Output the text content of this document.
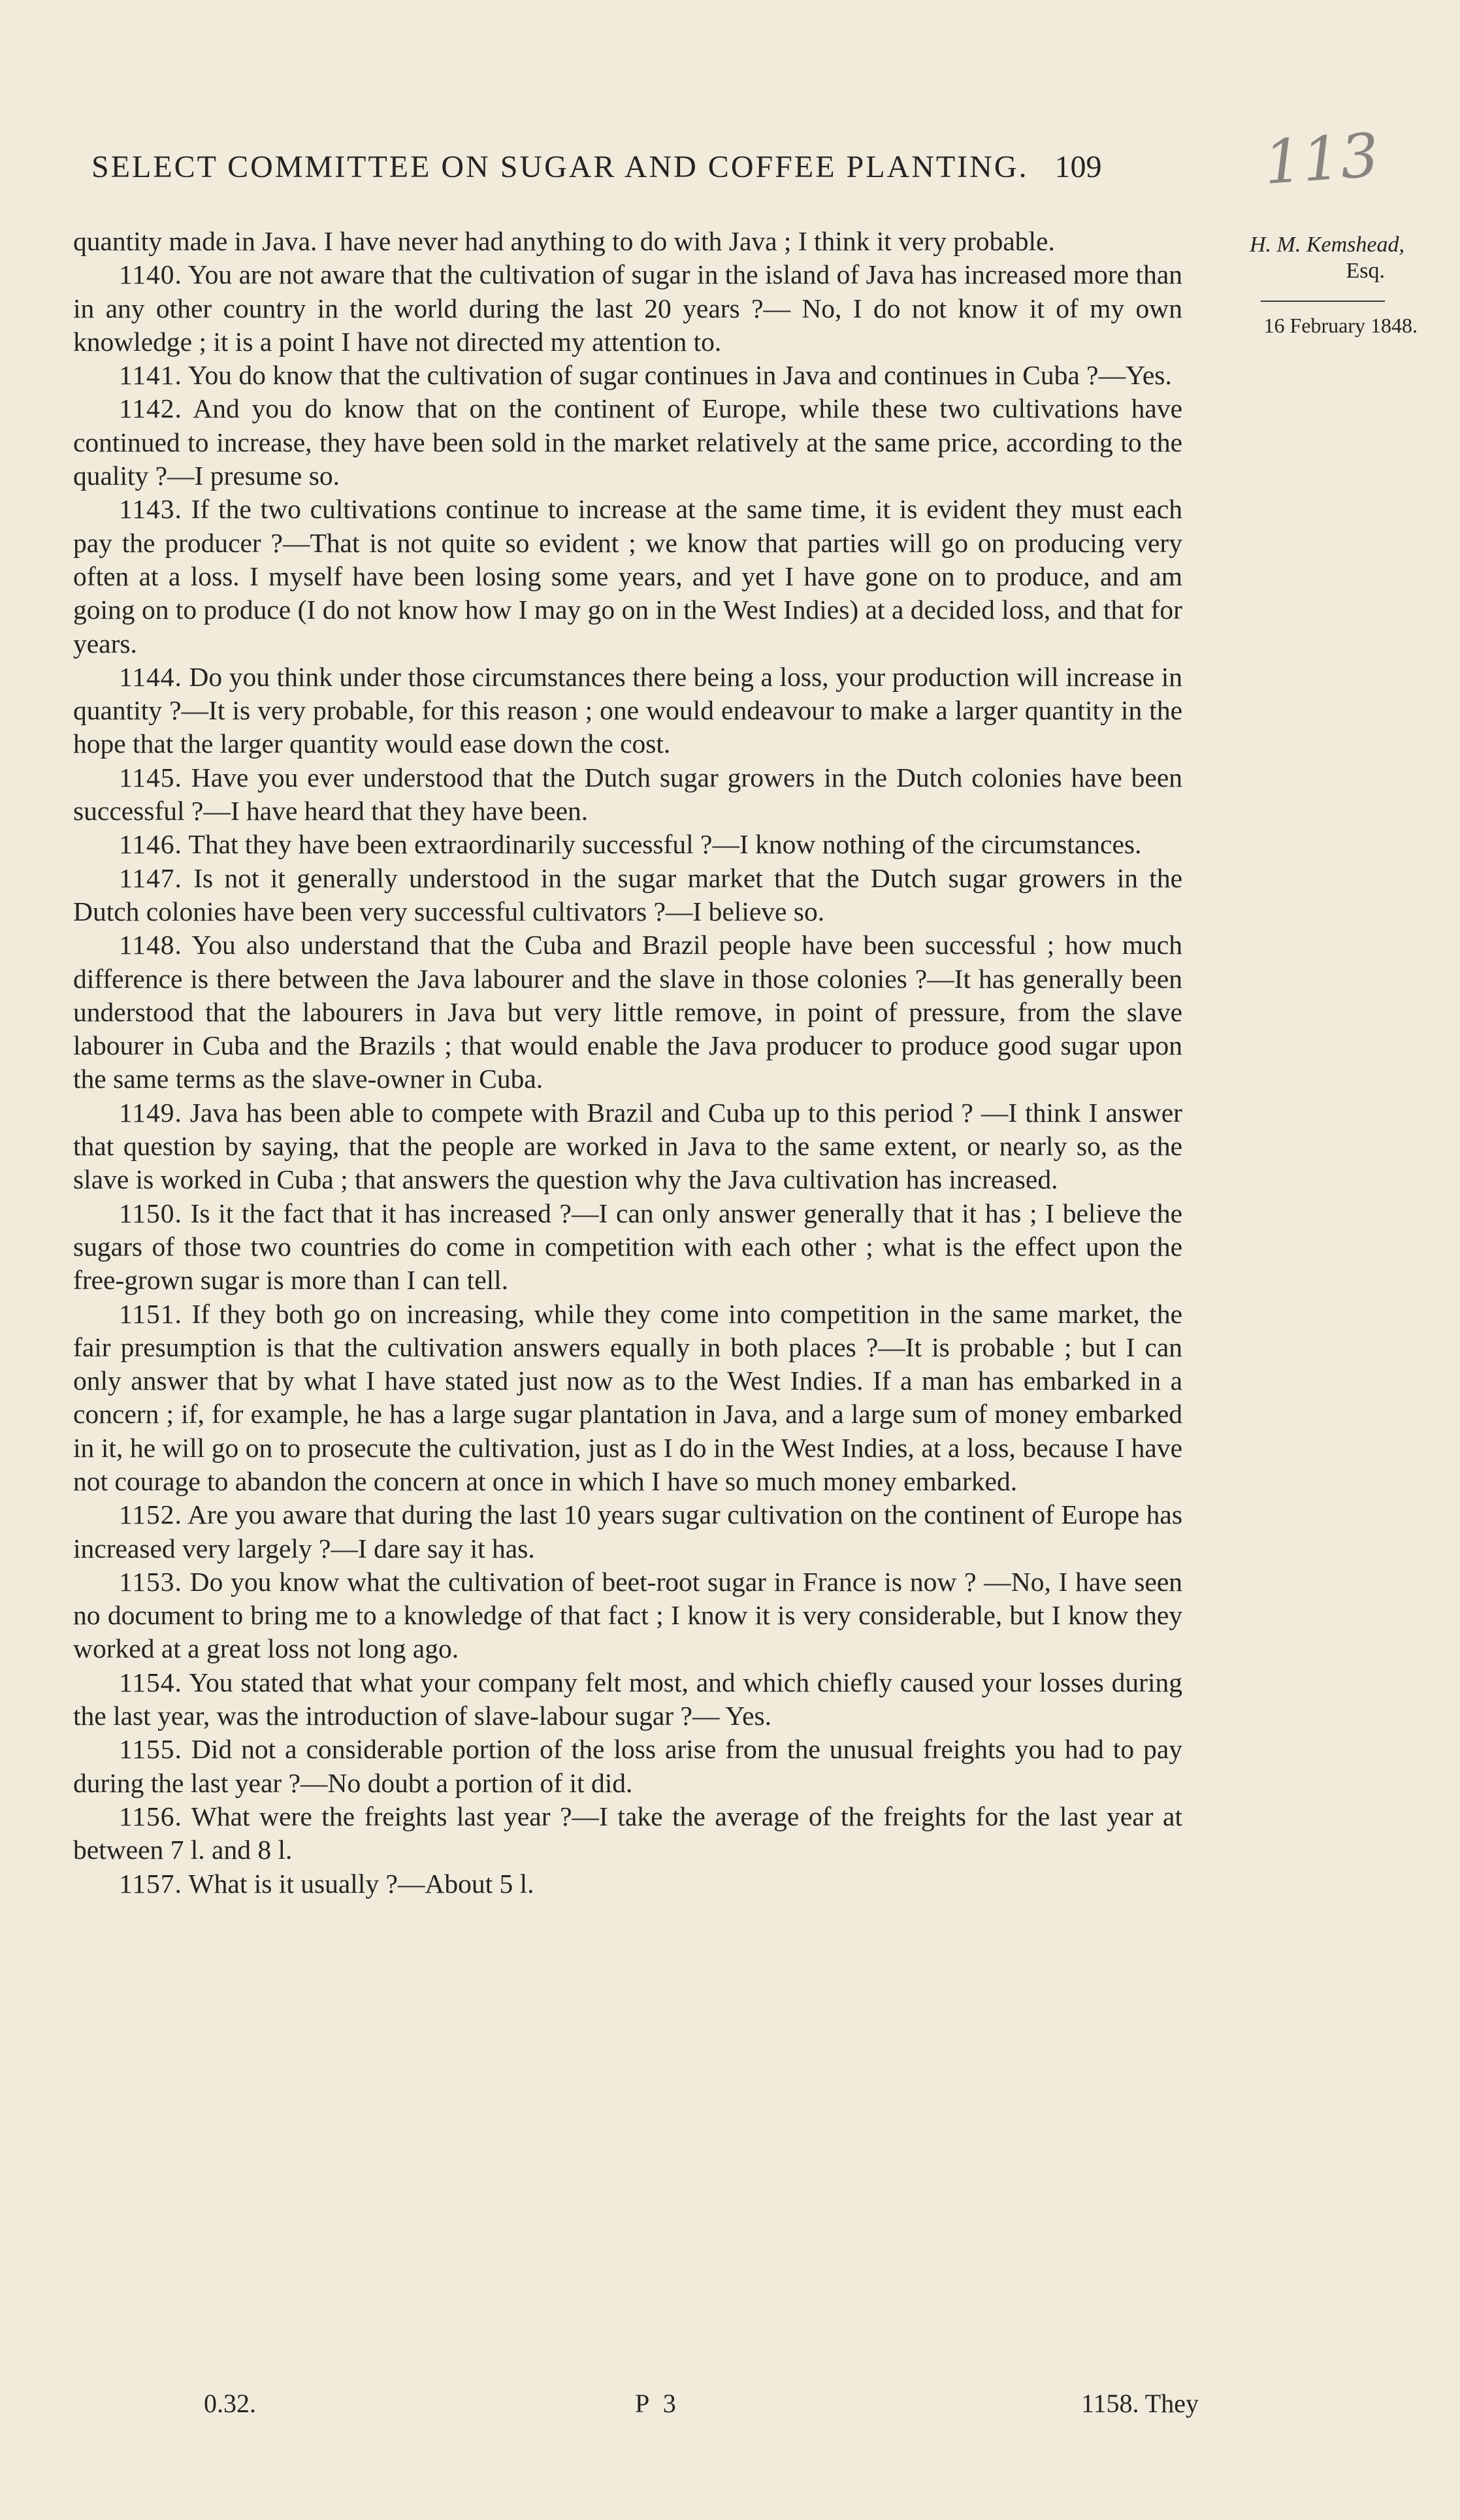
SELECT COMMITTEE ON SUGAR AND COFFEE PLANTING. 109	113
H. M. Kemshead,
Esq.
16 February 1848.

quantity made in Java. I have never had anything to do with Java ; I think it very probable.

1140. You are not aware that the cultivation of sugar in the island of Java has increased more than in any other country in the world during the last 20 years ?— No, I do not know it of my own knowledge ; it is a point I have not directed my attention to.

1141. You do know that the cultivation of sugar continues in Java and continues in Cuba ?—Yes.

1142. And you do know that on the continent of Europe, while these two cultivations have continued to increase, they have been sold in the market relatively at the same price, according to the quality ?—I presume so.

1143. If the two cultivations continue to increase at the same time, it is evident they must each pay the producer ?—That is not quite so evident ; we know that parties will go on producing very often at a loss. I myself have been losing some years, and yet I have gone on to produce, and am going on to produce (I do not know how I may go on in the West Indies) at a decided loss, and that for years.

1144. Do you think under those circumstances there being a loss, your production will increase in quantity ?—It is very probable, for this reason ; one would endeavour to make a larger quantity in the hope that the larger quantity would ease down the cost.

1145. Have you ever understood that the Dutch sugar growers in the Dutch colonies have been successful ?—I have heard that they have been.

1146. That they have been extraordinarily successful ?—I know nothing of the circumstances.

1147. Is not it generally understood in the sugar market that the Dutch sugar growers in the Dutch colonies have been very successful cultivators ?—I believe so.

1148. You also understand that the Cuba and Brazil people have been successful ; how much difference is there between the Java labourer and the slave in those colonies ?—It has generally been understood that the labourers in Java but very little remove, in point of pressure, from the slave labourer in Cuba and the Brazils ; that would enable the Java producer to produce good sugar upon the same terms as the slave-owner in Cuba.

1149. Java has been able to compete with Brazil and Cuba up to this period ? —I think I answer that question by saying, that the people are worked in Java to the same extent, or nearly so, as the slave is worked in Cuba ; that answers the question why the Java cultivation has increased.

1150. Is it the fact that it has increased ?—I can only answer generally that it has ; I believe the sugars of those two countries do come in competition with each other ; what is the effect upon the free-grown sugar is more than I can tell.

1151. If they both go on increasing, while they come into competition in the same market, the fair presumption is that the cultivation answers equally in both places ?—It is probable ; but I can only answer that by what I have stated just now as to the West Indies. If a man has embarked in a concern ; if, for example, he has a large sugar plantation in Java, and a large sum of money embarked in it, he will go on to prosecute the cultivation, just as I do in the West Indies, at a loss, because I have not courage to abandon the concern at once in which I have so much money embarked.

1152. Are you aware that during the last 10 years sugar cultivation on the continent of Europe has increased very largely ?—I dare say it has.

1153. Do you know what the cultivation of beet-root sugar in France is now ? —No, I have seen no document to bring me to a knowledge of that fact ; I know it is very considerable, but I know they worked at a great loss not long ago.

1154. You stated that what your company felt most, and which chiefly caused your losses during the last year, was the introduction of slave-labour sugar ?— Yes.

1155. Did not a considerable portion of the loss arise from the unusual freights you had to pay during the last year ?—No doubt a portion of it did.

1156. What were the freights last year ?—I take the average of the freights for the last year at between 7 l. and 8 l.

1157. What is it usually ?—About 5 l.

0.32.	P 3	1158. They
